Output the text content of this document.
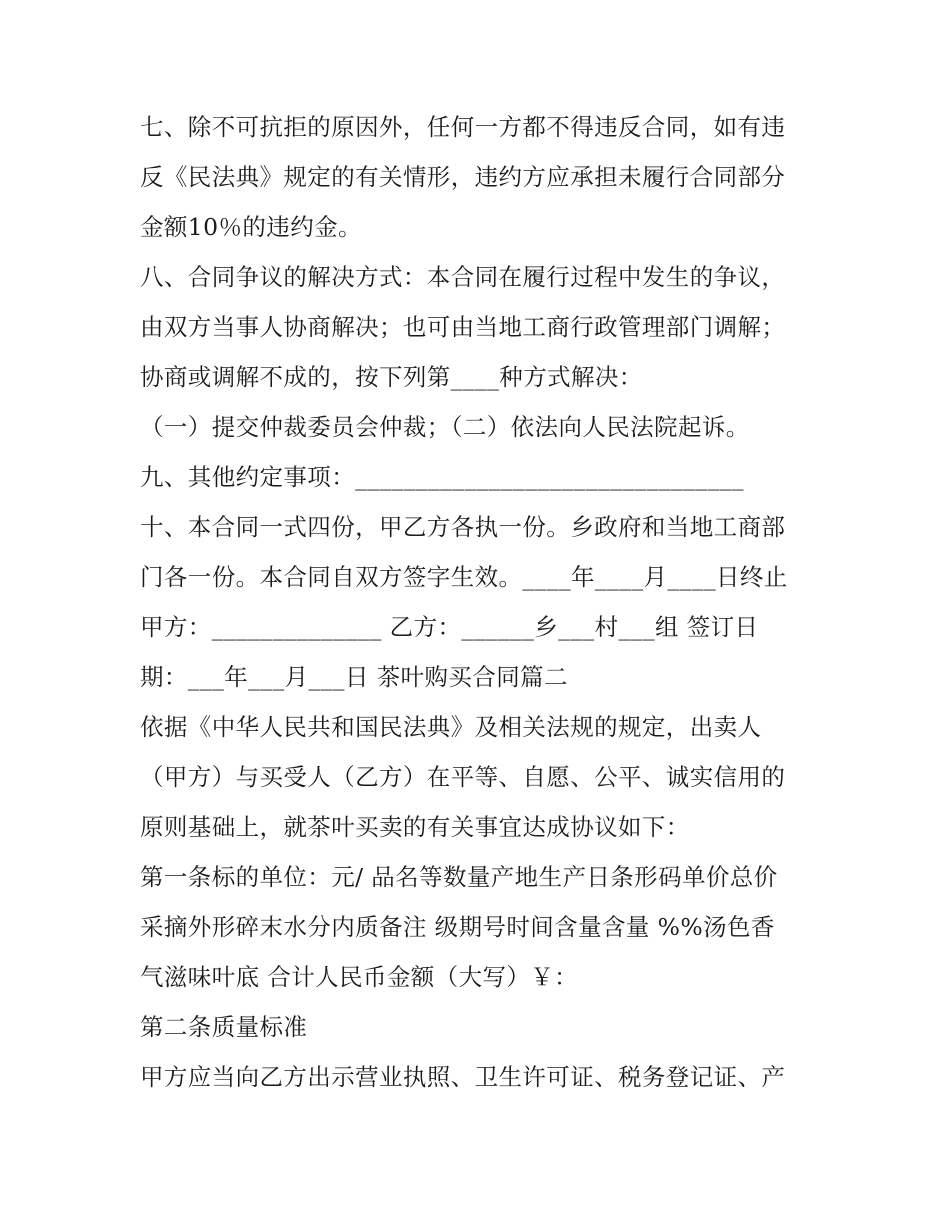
七、除不可抗拒的原因外，任何一方都不得违反合同，如有违
反《民法典》规定的有关情形，违约方应承担未履行合同部分
金额10％的违约金。
八、合同争议的解决方式：本合同在履行过程中发生的争议，
由双方当事人协商解决；也可由当地工商行政管理部门调解；
协商或调解不成的，按下列第____种方式解决：
（一）提交仲裁委员会仲裁；（二）依法向人民法院起诉。
九、其他约定事项：________________________________
十、本合同一式四份，甲乙方各执一份。乡政府和当地工商部
门各一份。本合同自双方签字生效。____年____月____日终止
甲方：______________ 乙方：______乡___村___组 签订日
期：___年___月___日 茶叶购买合同篇二
依据《中华人民共和国民法典》及相关法规的规定，出卖人
（甲方）与买受人（乙方）在平等、自愿、公平、诚实信用的
原则基础上，就茶叶买卖的有关事宜达成协议如下：
第一条标的单位：元/ 品名等数量产地生产日条形码单价总价
采摘外形碎末水分内质备注 级期号时间含量含量 %%汤色香
气滋味叶底 合计人民币金额（大写）￥：
第二条质量标准
甲方应当向乙方出示营业执照、卫生许可证、税务登记证、产
